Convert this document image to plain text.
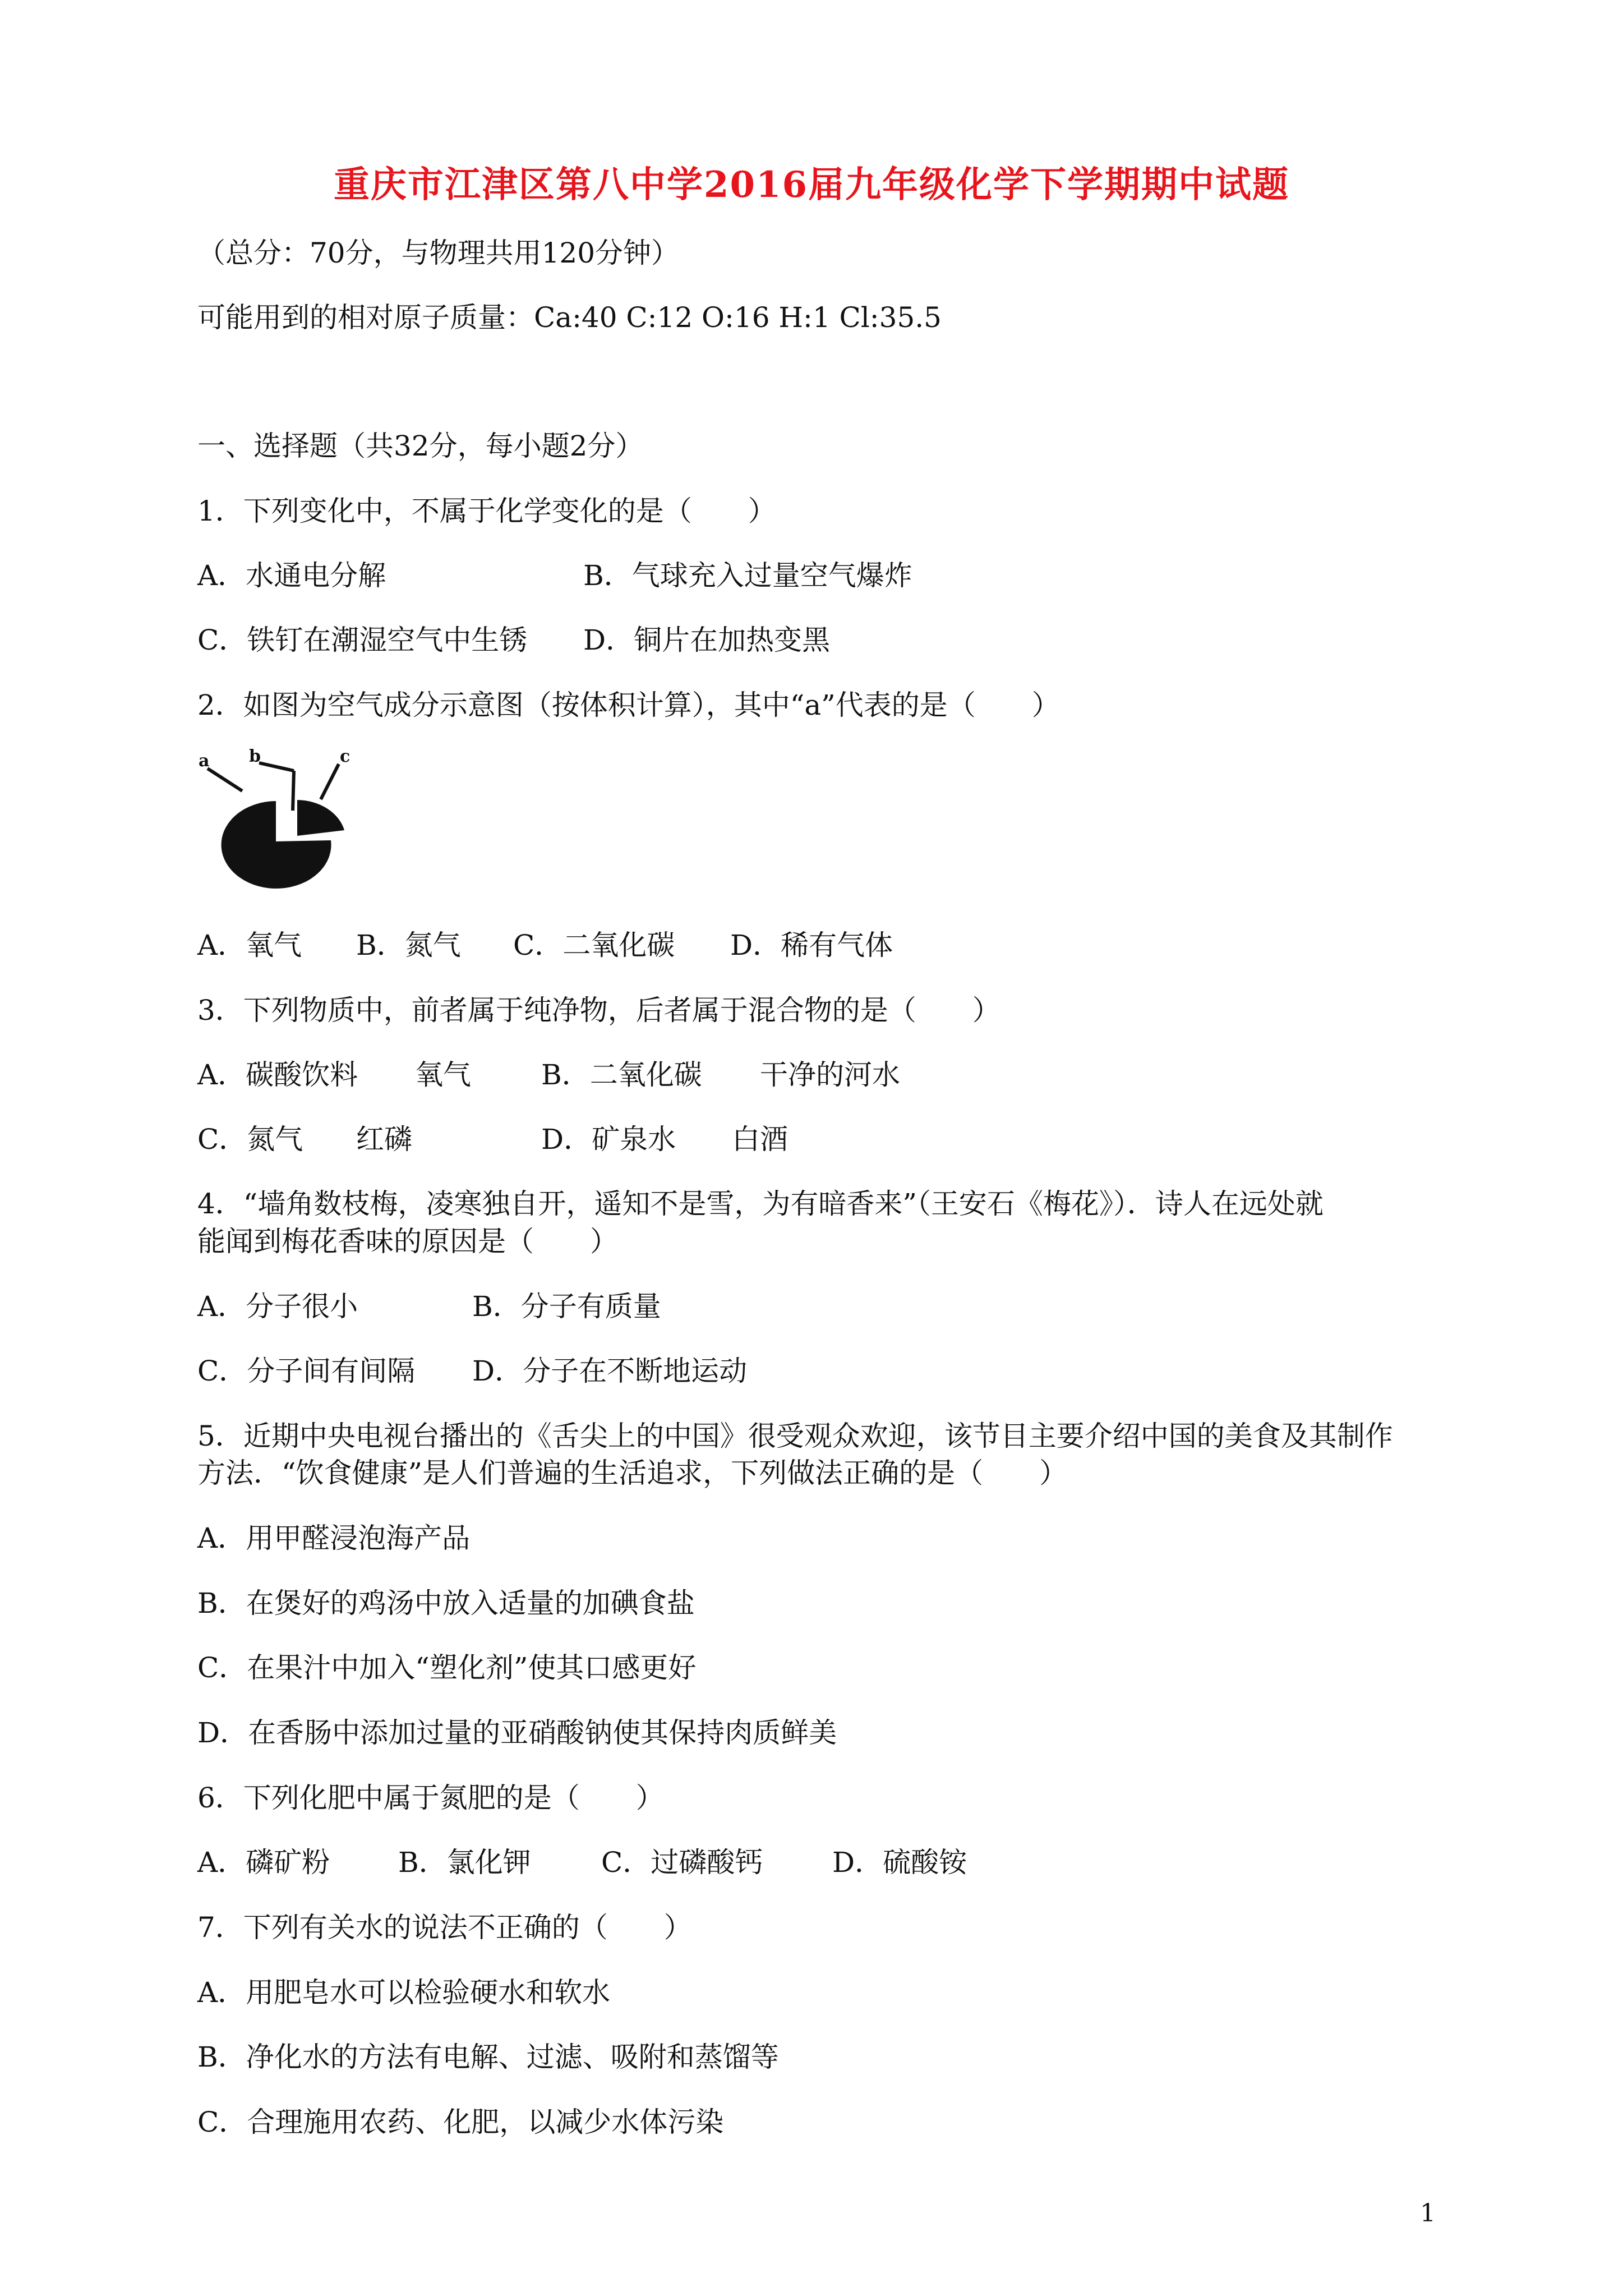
重庆市江津区第八中学2016届九年级化学下学期期中试题
（总分：70分，与物理共用120分钟）
可能用到的相对原子质量：Ca:40 C:12 O:16 H:1 Cl:35.5
一、选择题（共32分，每小题2分）
1．下列变化中，不属于化学变化的是（　　）
A．水通电分解	B．气球充入过量空气爆炸
C．铁钉在潮湿空气中生锈 D．铜片在加热变黑
2．如图为空气成分示意图（按体积计算），其中“a”代表的是（　　）
a b	c
A．氧气 B．氮气 C．二氧化碳 D．稀有气体
3．下列物质中，前者属于纯净物，后者属于混合物的是（　　）
A．碳酸饮料 氧气	B．二氧化碳 干净的河水
C．氮气 红磷	D．矿泉水 白酒
4．“墙角数枝梅，凌寒独自开，遥知不是雪，为有暗香来”（王安石《梅花》）．诗人在远处就
能闻到梅花香味的原因是（　　）
A．分子很小	B．分子有质量
C．分子间有间隔 D．分子在不断地运动
5．近期中央电视台播出的《舌尖上的中国》很受观众欢迎，该节目主要介绍中国的美食及其制作
方法．“饮食健康”是人们普遍的生活追求，下列做法正确的是（　　）
A．用甲醛浸泡海产品
B．在煲好的鸡汤中放入适量的加碘食盐
C．在果汁中加入“塑化剂”使其口感更好
D．在香肠中添加过量的亚硝酸钠使其保持肉质鲜美
6．下列化肥中属于氮肥的是（　　）
A．磷矿粉 B．氯化钾	C．过磷酸钙 D．硫酸铵
7．下列有关水的说法不正确的（　　）
A．用肥皂水可以检验硬水和软水
B．净化水的方法有电解、过滤、吸附和蒸馏等
C．合理施用农药、化肥，以减少水体污染
1
